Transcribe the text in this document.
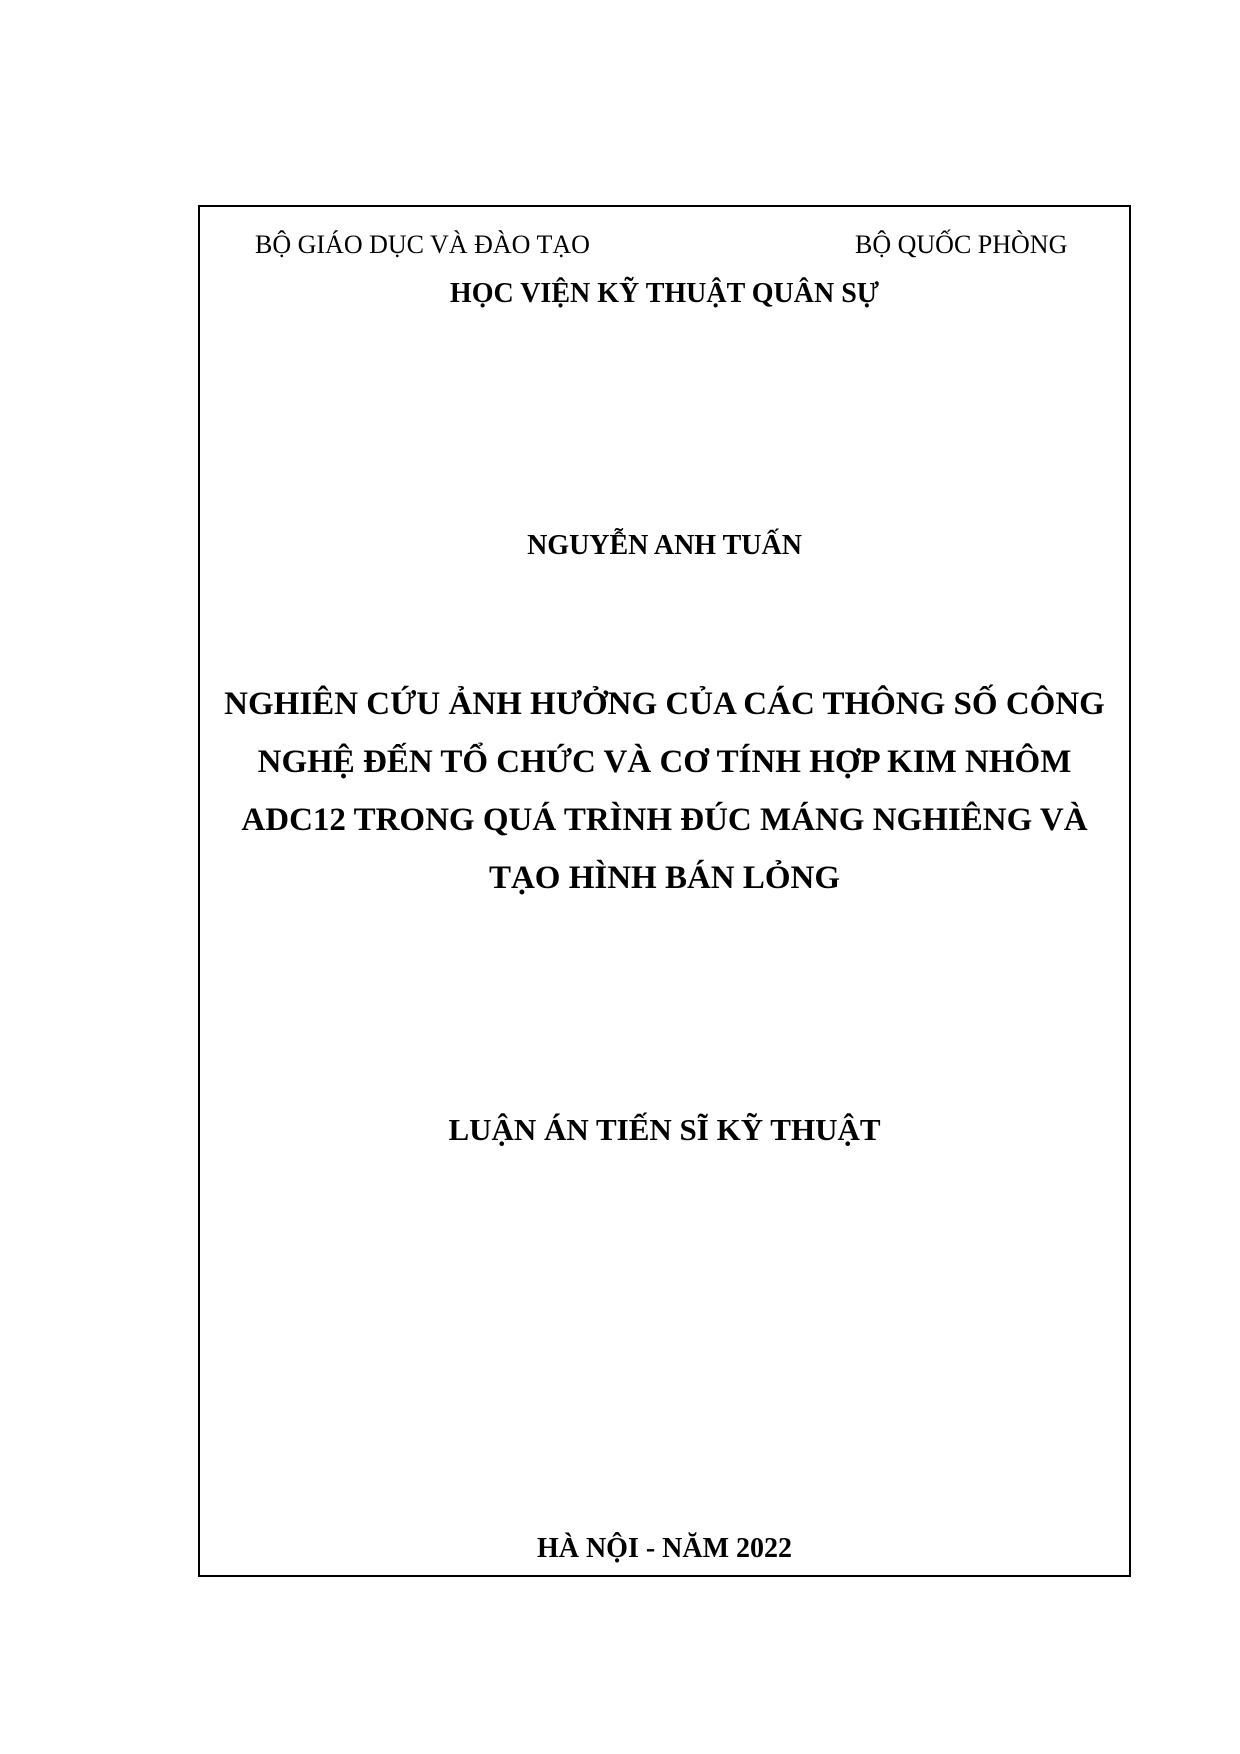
BỘ GIÁO DỤC VÀ ĐÀO TẠO	BỘ QUỐC PHÒNG
HỌC VIỆN KỸ THUẬT QUÂN SỰ
NGUYỄN ANH TUẤN
NGHIÊN CỨU ẢNH HƯỞNG CỦA CÁC THÔNG SỐ CÔNG
NGHỆ ĐẾN TỔ CHỨC VÀ CƠ TÍNH HỢP KIM NHÔM
ADC12 TRONG QUÁ TRÌNH ĐÚC MÁNG NGHIÊNG VÀ
TẠO HÌNH BÁN LỎNG
LUẬN ÁN TIẾN SĨ KỸ THUẬT
HÀ NỘI - NĂM 2022
